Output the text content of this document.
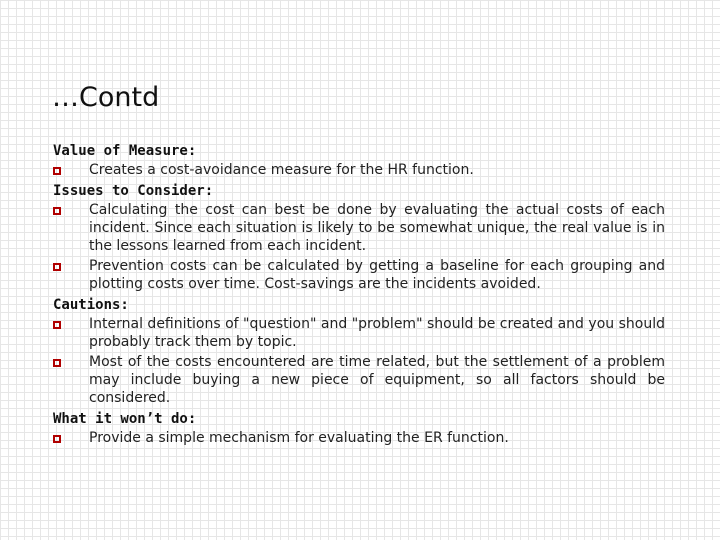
…Contd
Value of Measure:
Creates a cost-avoidance measure for the HR function.
Issues to Consider:
Calculating the cost can best be done by evaluating the actual costs of each incident. Since each situation is likely to be somewhat unique, the real value is in the lessons learned from each incident.
Prevention costs can be calculated by getting a baseline for each grouping and plotting costs over time. Cost-savings are the incidents avoided.
Cautions:
Internal definitions of "question" and "problem" should be created and you should probably track them by topic.
Most of the costs encountered are time related, but the settlement of a problem may include buying a new piece of equipment, so all factors should be considered.
What it won’t do:
Provide a simple mechanism for evaluating the ER function.
